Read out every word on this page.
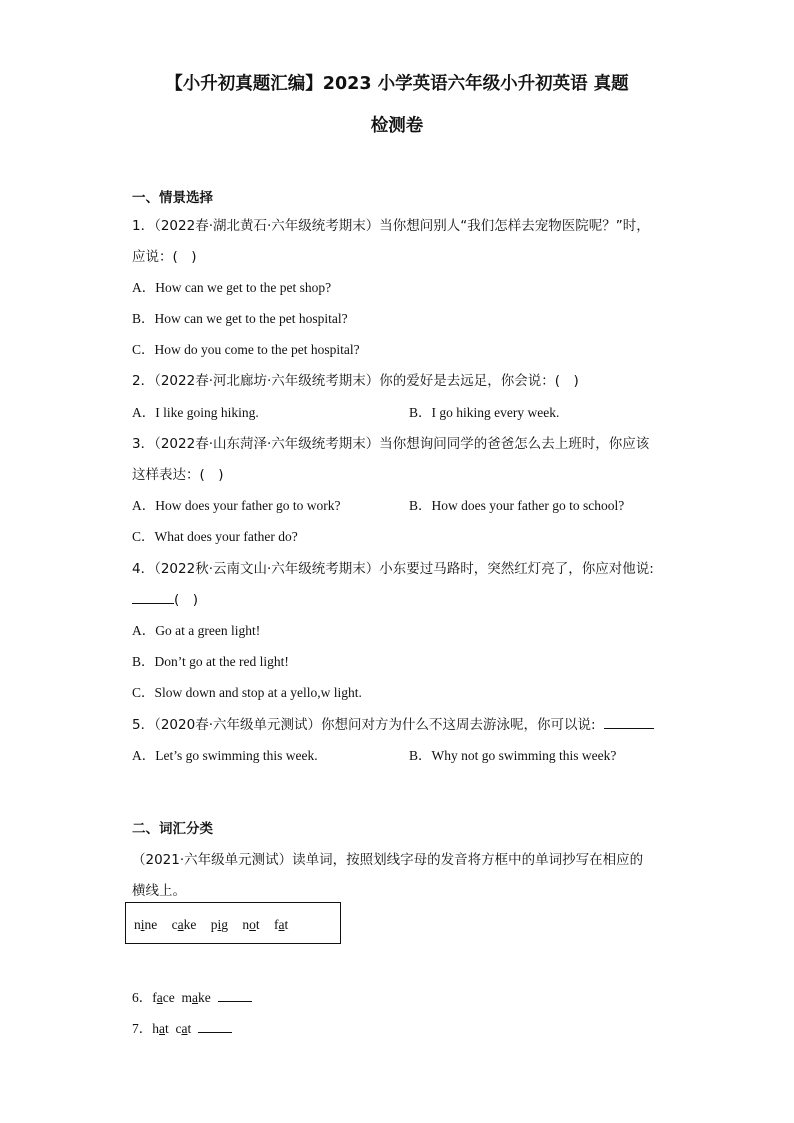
【小升初真题汇编】2023 小学英语六年级小升初英语 真题
检测卷
一、情景选择
1．（2022春·湖北黄石·六年级统考期末）当你想问别人“我们怎样去宠物医院呢？”时，
应说：(　)
A．How can we get to the pet shop?
B．How can we get to the pet hospital?
C．How do you come to the pet hospital?
2．（2022春·河北廊坊·六年级统考期末）你的爱好是去远足，你会说：(　)
A．I like going hiking.	B．I go hiking every week.
3．（2022春·山东菏泽·六年级统考期末）当你想询问同学的爸爸怎么去上班时，你应该
这样表达：(　)
A．How does your father go to work?	B．How does your father go to school?
C．What does your father do?
4．（2022秋·云南文山·六年级统考期末）小东要过马路时，突然红灯亮了，你应对他说:
(　)
A．Go at a green light!
B．Don’t go at the red light!
C．Slow down and stop at a yello,w light.
5．（2020春·六年级单元测试）你想问对方为什么不这周去游泳呢，你可以说:
A．Let’s go swimming this week.	B．Why not go swimming this week?
二、词汇分类
（2021·六年级单元测试）读单词，按照划线字母的发音将方框中的单词抄写在相应的
横线上。
nine cake pig not fat
6．face make
7．hat cat
